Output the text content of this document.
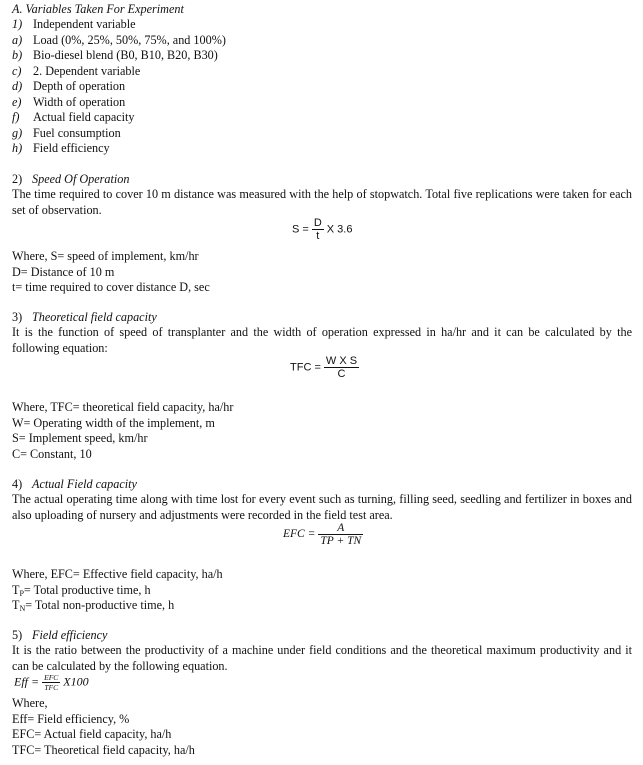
A. Variables Taken For Experiment
1) Independent variable
a) Load (0%, 25%, 50%, 75%, and 100%)
b) Bio-diesel blend (B0, B10, B20, B30)
c) 2. Dependent variable
d) Depth of operation
e) Width of operation
f) Actual field capacity
g) Fuel consumption
h) Field efficiency
2) Speed Of Operation
The time required to cover 10 m distance was measured with the help of stopwatch. Total five replications were taken for each set of observation.
$S = \frac{D}{t}$ X 3.6
Where, S= speed of implement, km/hr
D= Distance of 10 m
t= time required to cover distance D, sec
3) Theoretical field capacity
It is the function of speed of transplanter and the width of operation expressed in ha/hr and it can be calculated by the following equation:
TFC = $\frac{\text{W X S}}{C}$
Where, TFC= theoretical field capacity, ha/hr
W= Operating width of the implement, m
S= Implement speed, km/hr
C= Constant, 10
4) Actual Field capacity
The actual operating time along with time lost for every event such as turning, filling seed, seedling and fertilizer in boxes and also uploading of nursery and adjustments were recorded in the field test area.
EFC = $\frac{A}{TP + TN}$
Where, EFC= Effective field capacity, ha/h
$T_P=$ Total productive time, h
$T_N=$ Total non-productive time, h
5) Field efficiency
It is the ratio between the productivity of a machine under field conditions and the theoretical maximum productivity and it can be calculated by the following equation.
Eff = $\frac{\text{EFC}}{\text{TFC}} X100$
Where,
Eff= Field efficiency, %
EFC= Actual field capacity, ha/h
TFC= Theoretical field capacity, ha/h
